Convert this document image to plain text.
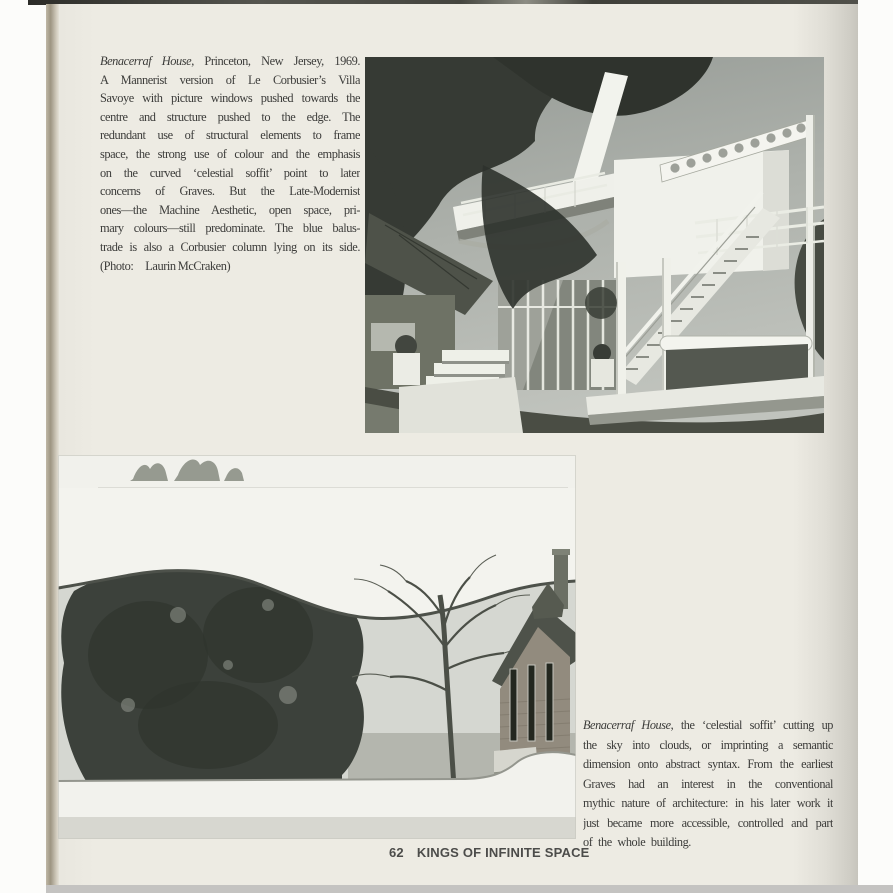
Benacerraf House, Princeton, New Jersey, 1969.
A Mannerist version of Le Corbusier’s Villa
Savoye with picture windows pushed towards the
centre and structure pushed to the edge. The
redundant use of structural elements to frame
space, the strong use of colour and the emphasis
on the curved ‘celestial soffit’ point to later
concerns of Graves. But the Late-Modernist
ones—the Machine Aesthetic, open space, pri-
mary colours—still predominate. The blue balus-
trade is also a Corbusier column lying on its side.
(Photo: Laurin McCraken)
Benacerraf House, the ‘celestial soffit’ cutting up
the sky into clouds, or imprinting a semantic
dimension onto abstract syntax. From the earliest
Graves had an interest in the conventional
mythic nature of architecture: in his later work it
just became more accessible, controlled and part
of the whole building.
62 KINGS OF INFINITE SPACE
